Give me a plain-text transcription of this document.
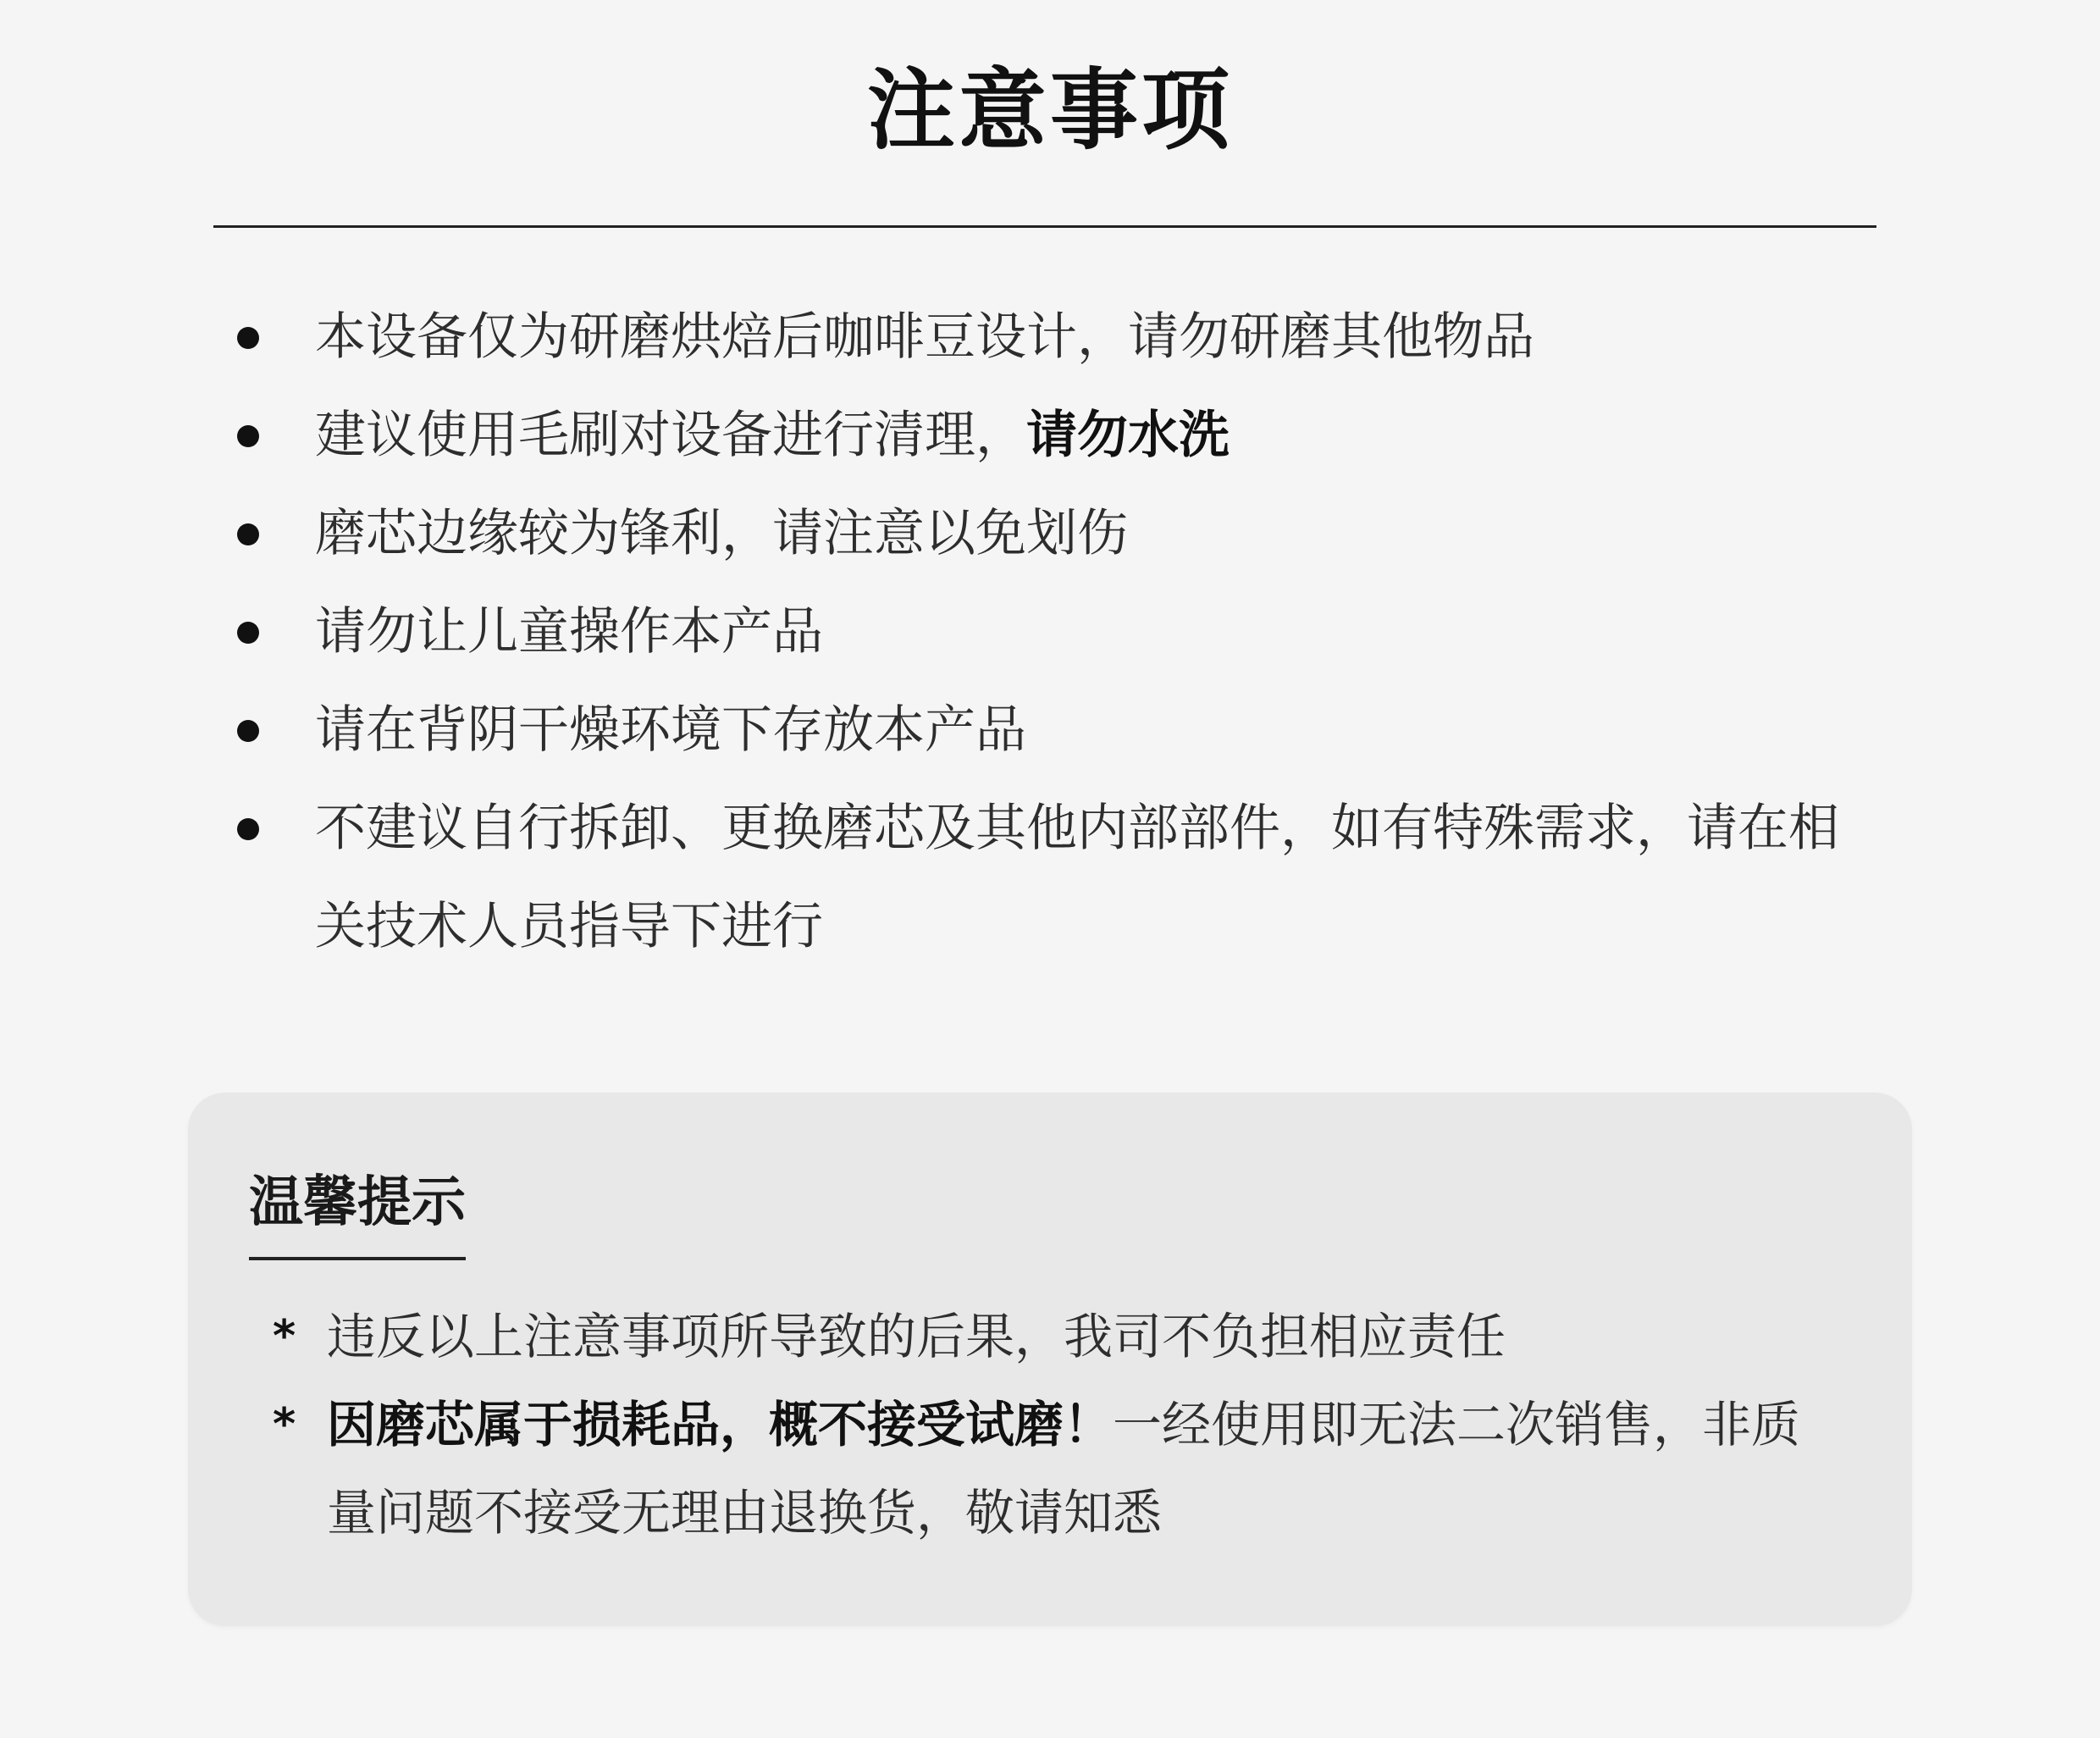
注意事项
本设备仅为研磨烘焙后咖啡豆设计，请勿研磨其他物品
建议使用毛刷对设备进行清理，请勿水洗
磨芯边缘较为锋利，请注意以免划伤
请勿让儿童操作本产品
请在背阴干燥环境下存放本产品
不建议自行拆卸、更换磨芯及其他内部部件，如有特殊需求，请在相关技术人员指导下进行
温馨提示
* 违反以上注意事项所导致的后果，我司不负担相应责任
* 因磨芯属于损耗品，概不接受试磨！一经使用即无法二次销售，非质量问题不接受无理由退换货，敬请知悉
